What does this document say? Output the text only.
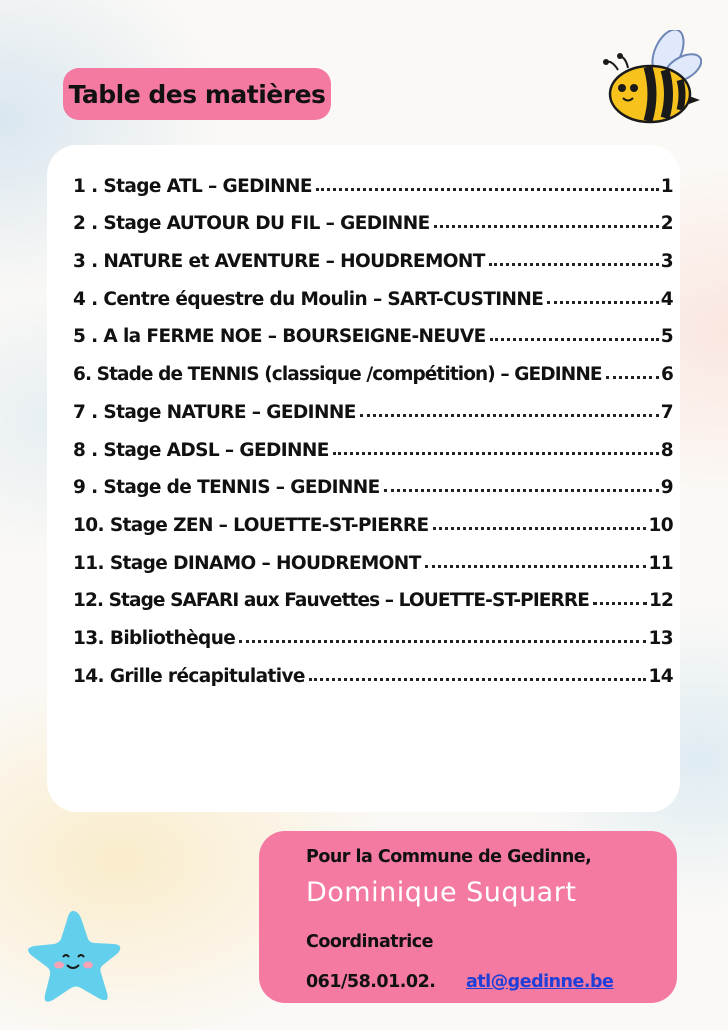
Table des matières
1 . Stage ATL – GEDINNE	1
2 . Stage AUTOUR DU FIL – GEDINNE	2
3 . NATURE et AVENTURE – HOUDREMONT	3
4 . Centre équestre du Moulin – SART-CUSTINNE	4
5 . A la FERME NOE – BOURSEIGNE-NEUVE	5
6. Stade de TENNIS (classique /compétition) – GEDINNE	6
7 . Stage NATURE – GEDINNE	7
8 . Stage ADSL – GEDINNE	8
9 . Stage de TENNIS – GEDINNE	9
10. Stage ZEN – LOUETTE-ST-PIERRE	10
11. Stage DINAMO – HOUDREMONT	11
12. Stage SAFARI aux Fauvettes – LOUETTE-ST-PIERRE	12
13. Bibliothèque	13
14. Grille récapitulative	14
Pour la Commune de Gedinne,
Dominique Suquart
Coordinatrice
061/58.01.02. atl@gedinne.be
